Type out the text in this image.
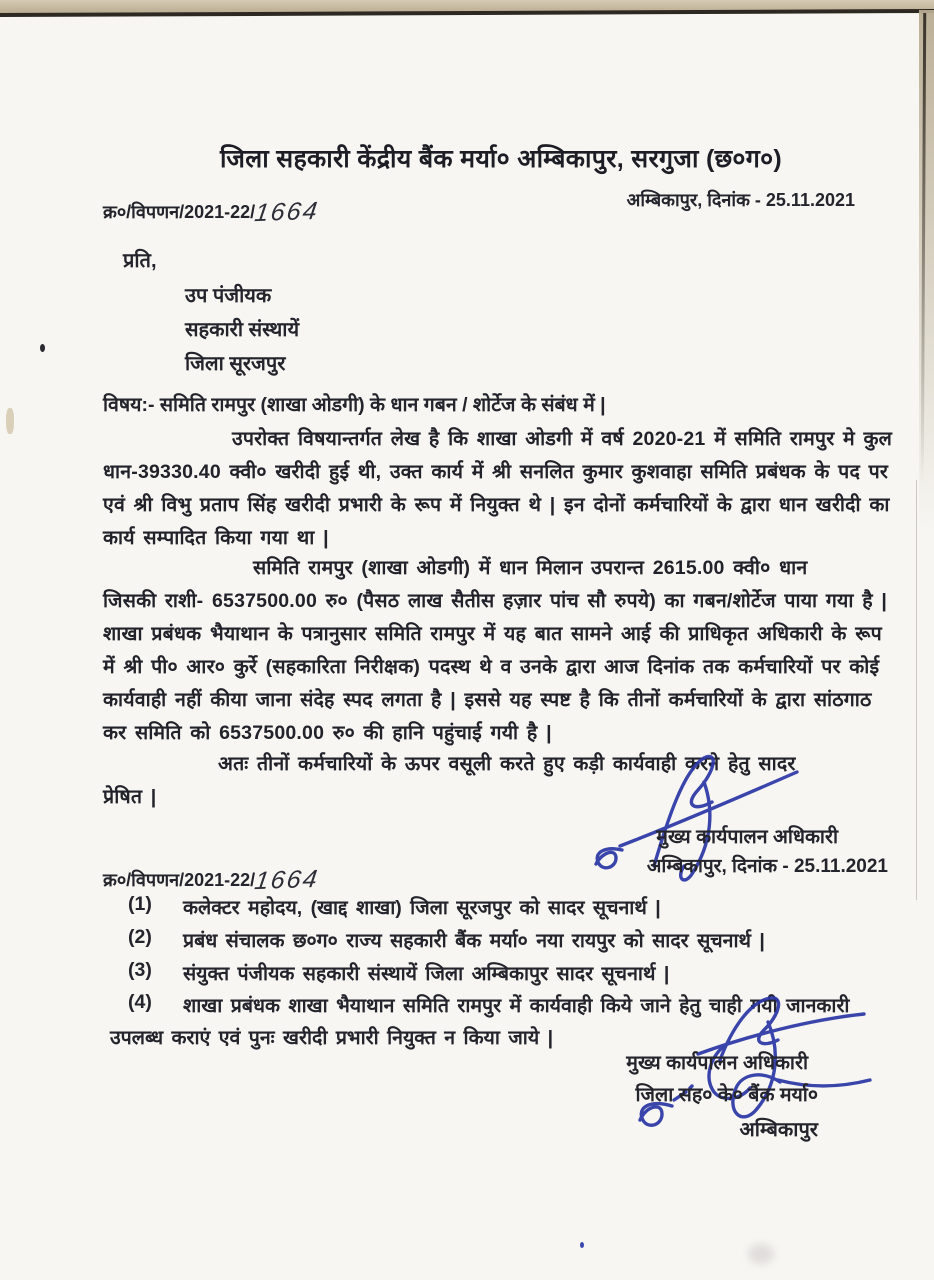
जिला सहकारी केंद्रीय बैंक मर्या० अम्बिकापुर, सरगुजा (छ०ग०)
क्र०/विपणन/2021-22/1664	अम्बिकापुर, दिनांक - 25.11.2021
प्रति,
उप पंजीयक
सहकारी संस्थायें
जिला सूरजपुर
विषय:- समिति रामपुर (शाखा ओडगी) के धान गबन / शोर्टेज के संबंध में |
उपरोक्त विषयान्तर्गत लेख है कि शाखा ओडगी में वर्ष 2020-21 में समिति रामपुर मे कुल
धान-39330.40 क्वी० खरीदी हुई थी, उक्त कार्य में श्री सनलित कुमार कुशवाहा समिति प्रबंधक के पद पर
एवं श्री विभु प्रताप सिंह खरीदी प्रभारी के रूप में नियुक्त थे | इन दोनों कर्मचारियों के द्वारा धान खरीदी का
कार्य सम्पादित किया गया था |
समिति रामपुर (शाखा ओडगी) में धान मिलान उपरान्त 2615.00 क्वी० धान
जिसकी राशी- 6537500.00 रु० (पैसठ लाख सैतीस हज़ार पांच सौ रुपये) का गबन/शोर्टेज पाया गया है |
शाखा प्रबंधक भैयाथान के पत्रानुसार समिति रामपुर में यह बात सामने आई की प्राधिकृत अधिकारी के रूप
में श्री पी० आर० कुर्रे (सहकारिता निरीक्षक) पदस्थ थे व उनके द्वारा आज दिनांक तक कर्मचारियों पर कोई
कार्यवाही नहीं कीया जाना संदेह स्पद लगता है | इससे यह स्पष्ट है कि तीनों कर्मचारियों के द्वारा सांठगाठ
कर समिति को 6537500.00 रु० की हानि पहुंचाई गयी है |
अतः तीनों कर्मचारियों के ऊपर वसूली करते हुए कड़ी कार्यवाही करने हेतु सादर
प्रेषित |
मुख्य कार्यपालन अधिकारी
अम्बिकापुर, दिनांक - 25.11.2021
क्र०/विपणन/2021-22/1664
(1) कलेक्टर महोदय, (खाद्द शाखा) जिला सूरजपुर को सादर सूचनार्थ |
(2) प्रबंध संचालक छ०ग० राज्य सहकारी बैंक मर्या० नया रायपुर को सादर सूचनार्थ |
(3) संयुक्त पंजीयक सहकारी संस्थायें जिला अम्बिकापुर सादर सूचनार्थ |
(4) शाखा प्रबंधक शाखा भैयाथान समिति रामपुर में कार्यवाही किये जाने हेतु चाही गयी जानकारी
उपलब्ध कराएं एवं पुनः खरीदी प्रभारी नियुक्त न किया जाये |
मुख्य कार्यपालन अधिकारी
जिला सह० के० बैंक मर्या०
अम्बिकापुर
